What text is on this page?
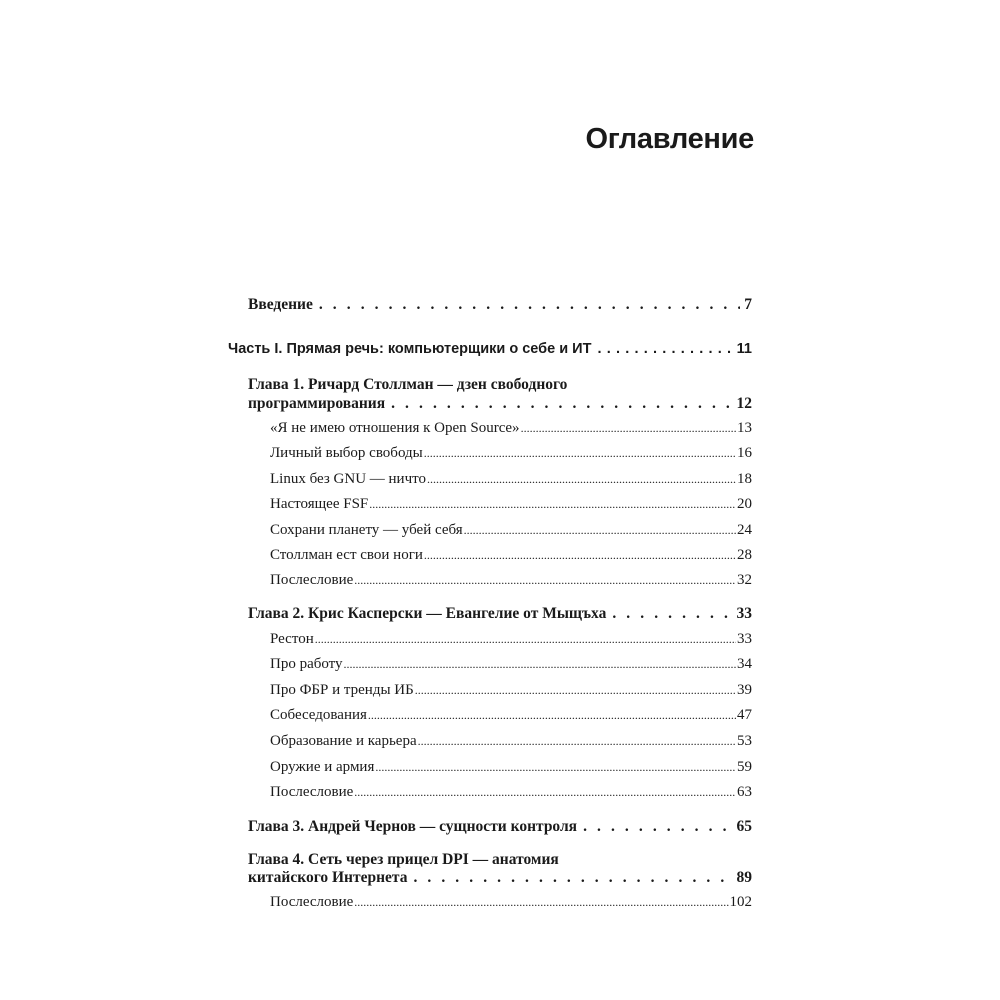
Оглавление
Введение . . .	7
Часть I. Прямая речь: компьютерщики о себе и ИТ . . .	11
Глава 1. Ричард Столлман — дзен свободного
программирования . . .	12
«Я не имею отношения к Open Source» .....	13
Личный выбор свободы .....	16
Linux без GNU — ничто .....	18
Настоящее FSF .....	20
Сохрани планету — убей себя .....	24
Столлман ест свои ноги .....	28
Послесловие .....	32
Глава 2. Крис Касперски — Евангелие от Мыщъха . . .	33
Рестон .....	33
Про работу .....	34
Про ФБР и тренды ИБ .....	39
Собеседования .....	47
Образование и карьера .....	53
Оружие и армия .....	59
Послесловие .....	63
Глава 3. Андрей Чернов — сущности контроля . . .	65
Глава 4. Сеть через прицел DPI — анатомия
китайского Интернета . . .	89
Послесловие .....	102
